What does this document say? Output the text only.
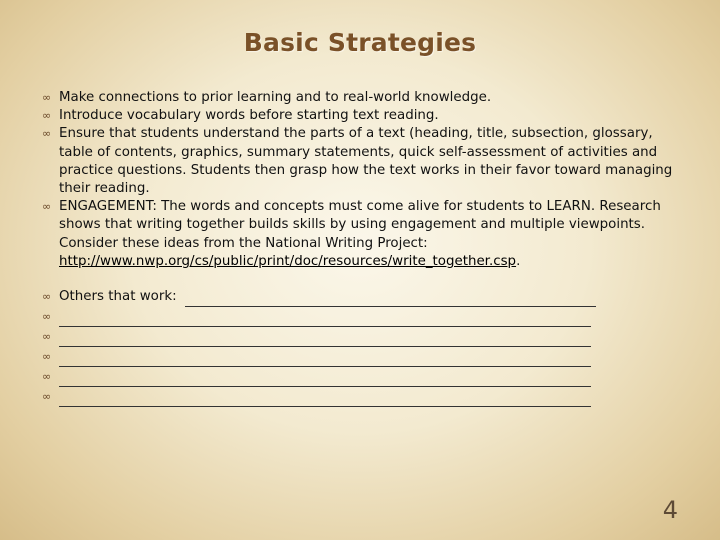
Basic Strategies

∞ Make connections to prior learning and to real-world knowledge.

∞ Introduce vocabulary words before starting text reading.

∞ Ensure that students understand the parts of a text (heading, title, subsection, glossary, table of contents, graphics, summary statements, quick self-assessment of activities and practice questions. Students then grasp how the text works in their favor toward managing their reading.

∞ ENGAGEMENT: The words and concepts must come alive for students to LEARN. Research shows that writing together builds skills by using engagement and multiple viewpoints. Consider these ideas from the National Writing Project:
http://www.nwp.org/cs/public/print/doc/resources/write_together.csp.

∞ Others that work:
∞
∞
∞
∞
∞
4
